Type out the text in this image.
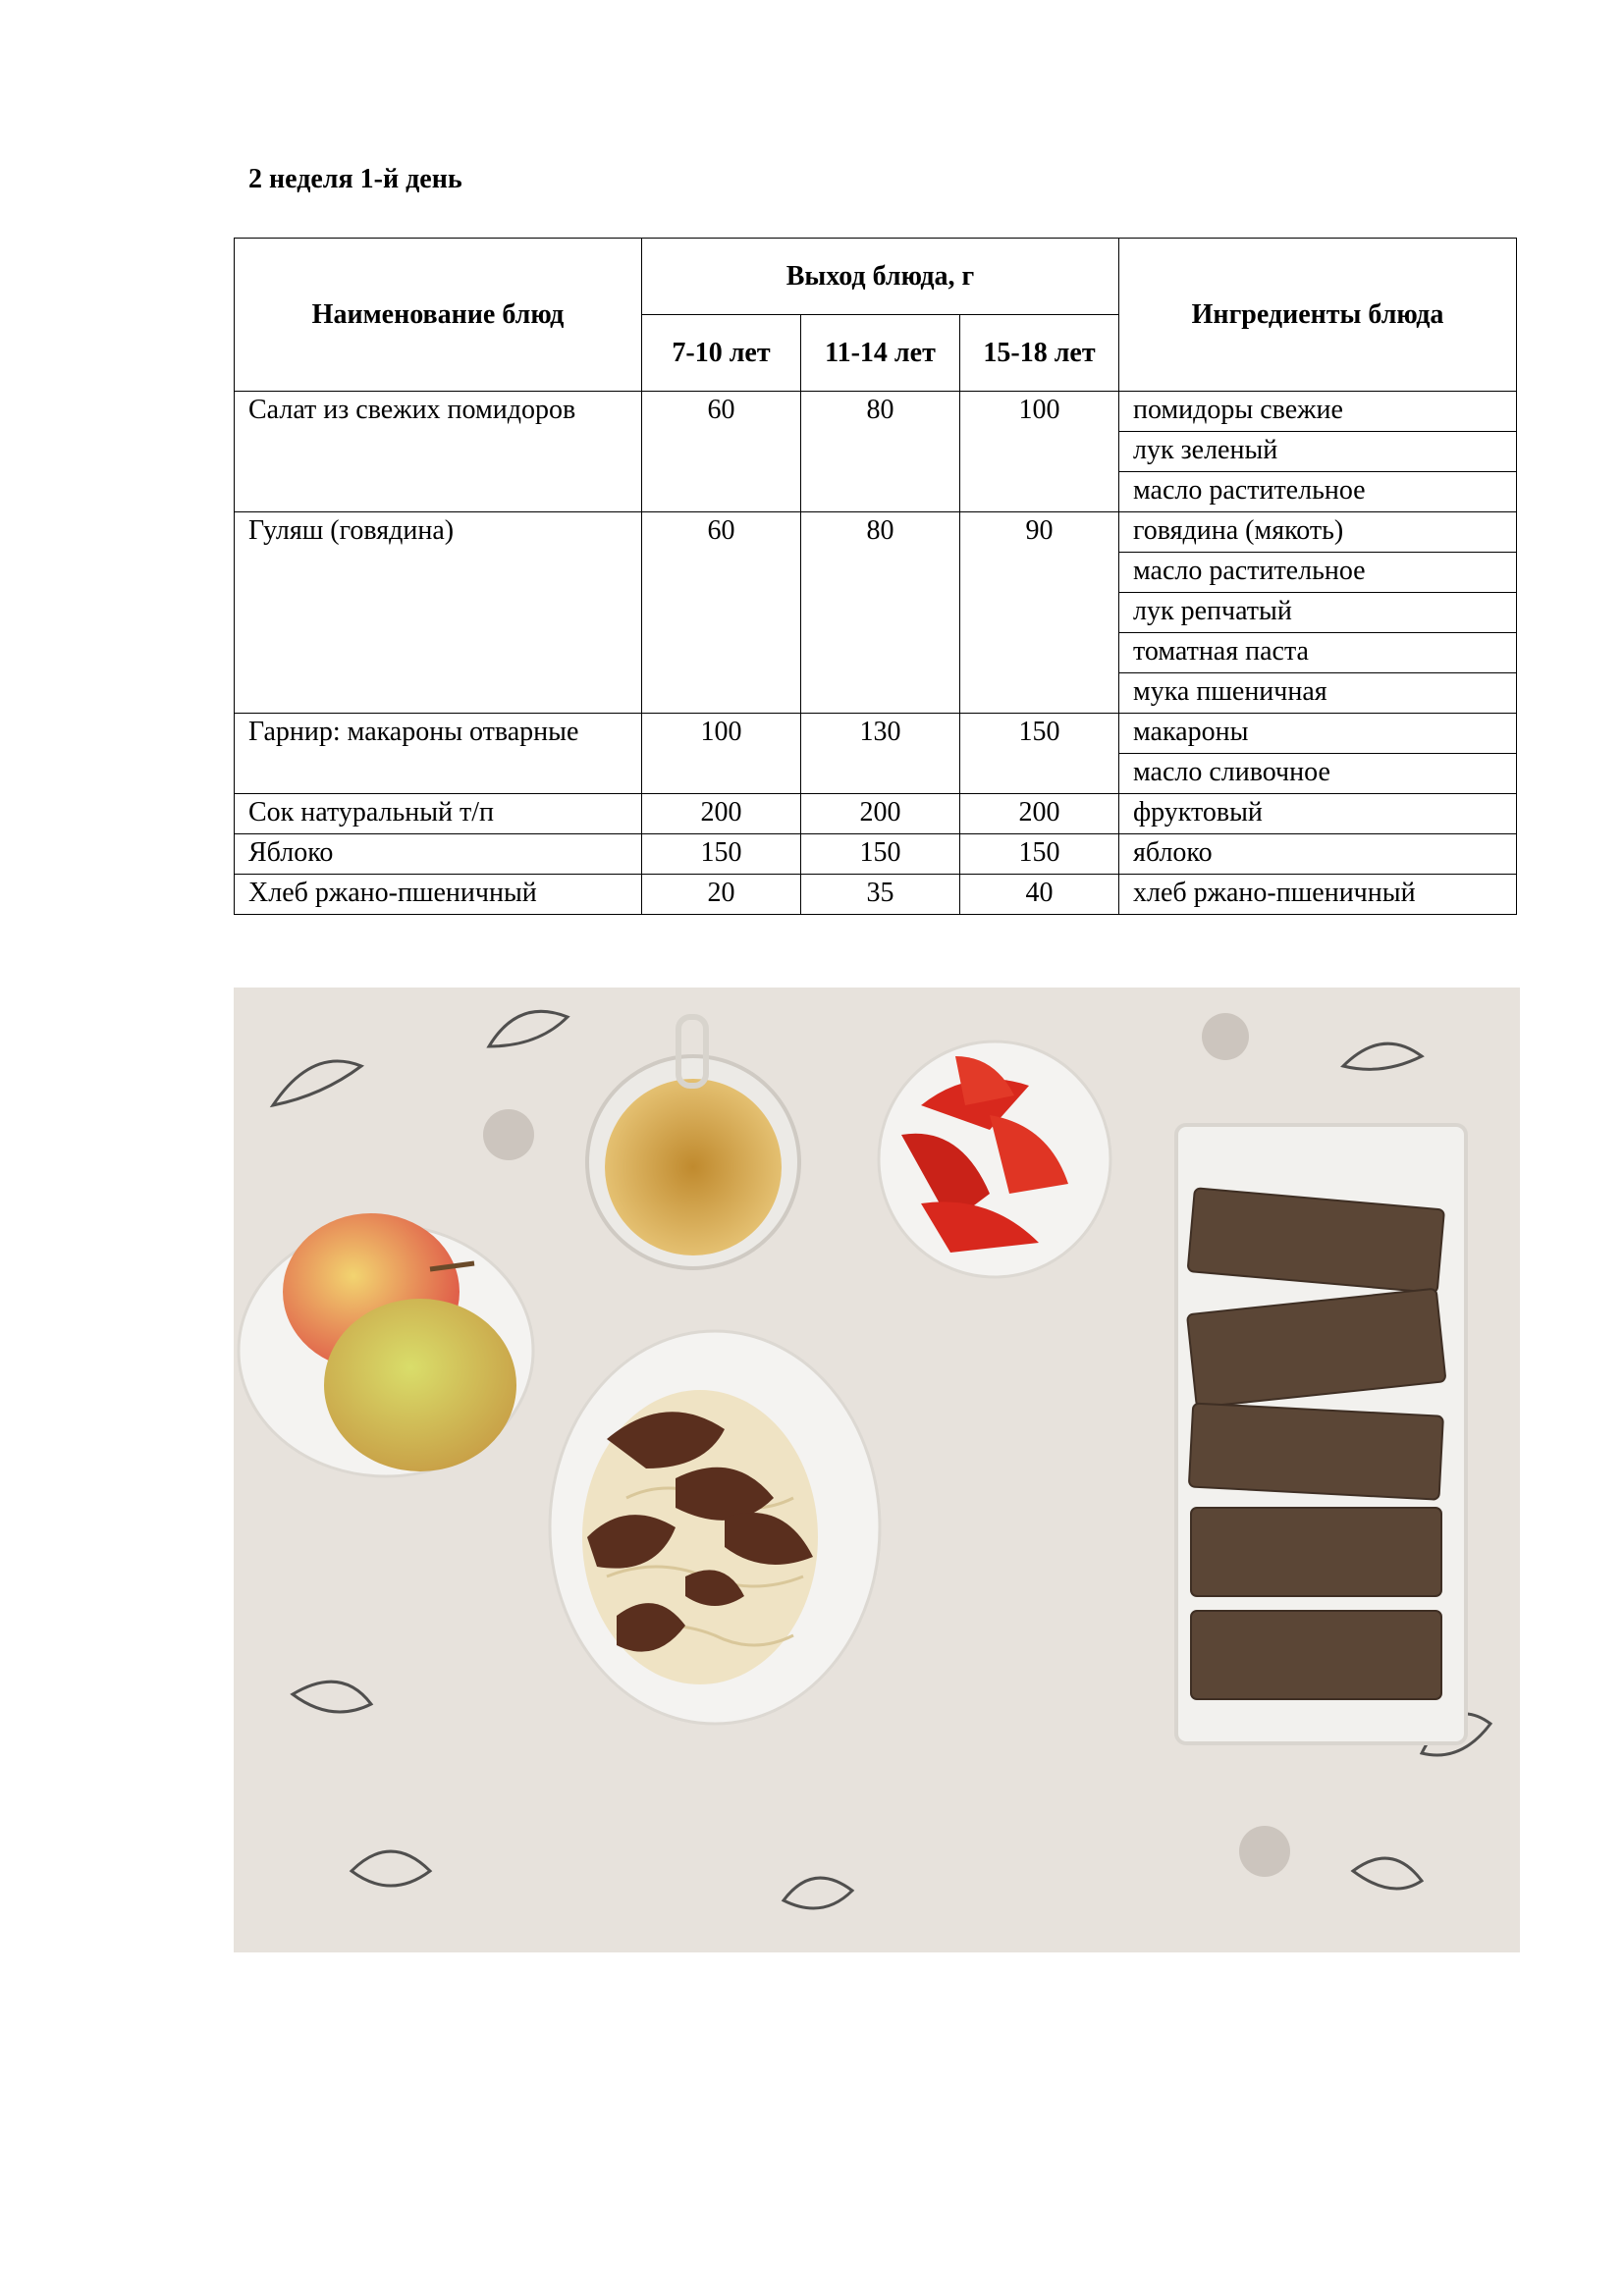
2 неделя 1-й день
Наименование блюд	Выход блюда, г			Ингредиенты блюда
	7-10 лет	11-14 лет	15-18 лет	
Салат из свежих помидоров	60	80	100	помидоры свежие
				лук зеленый
				масло растительное
Гуляш (говядина)	60	80	90	говядина (мякоть)
				масло растительное
				лук репчатый
				томатная паста
				мука пшеничная
Гарнир: макароны отварные	100	130	150	макароны
				масло сливочное
Сок натуральный т/п	200	200	200	фруктовый
Яблоко	150	150	150	яблоко
Хлеб ржано-пшеничный	20	35	40	хлеб ржано-пшеничный
